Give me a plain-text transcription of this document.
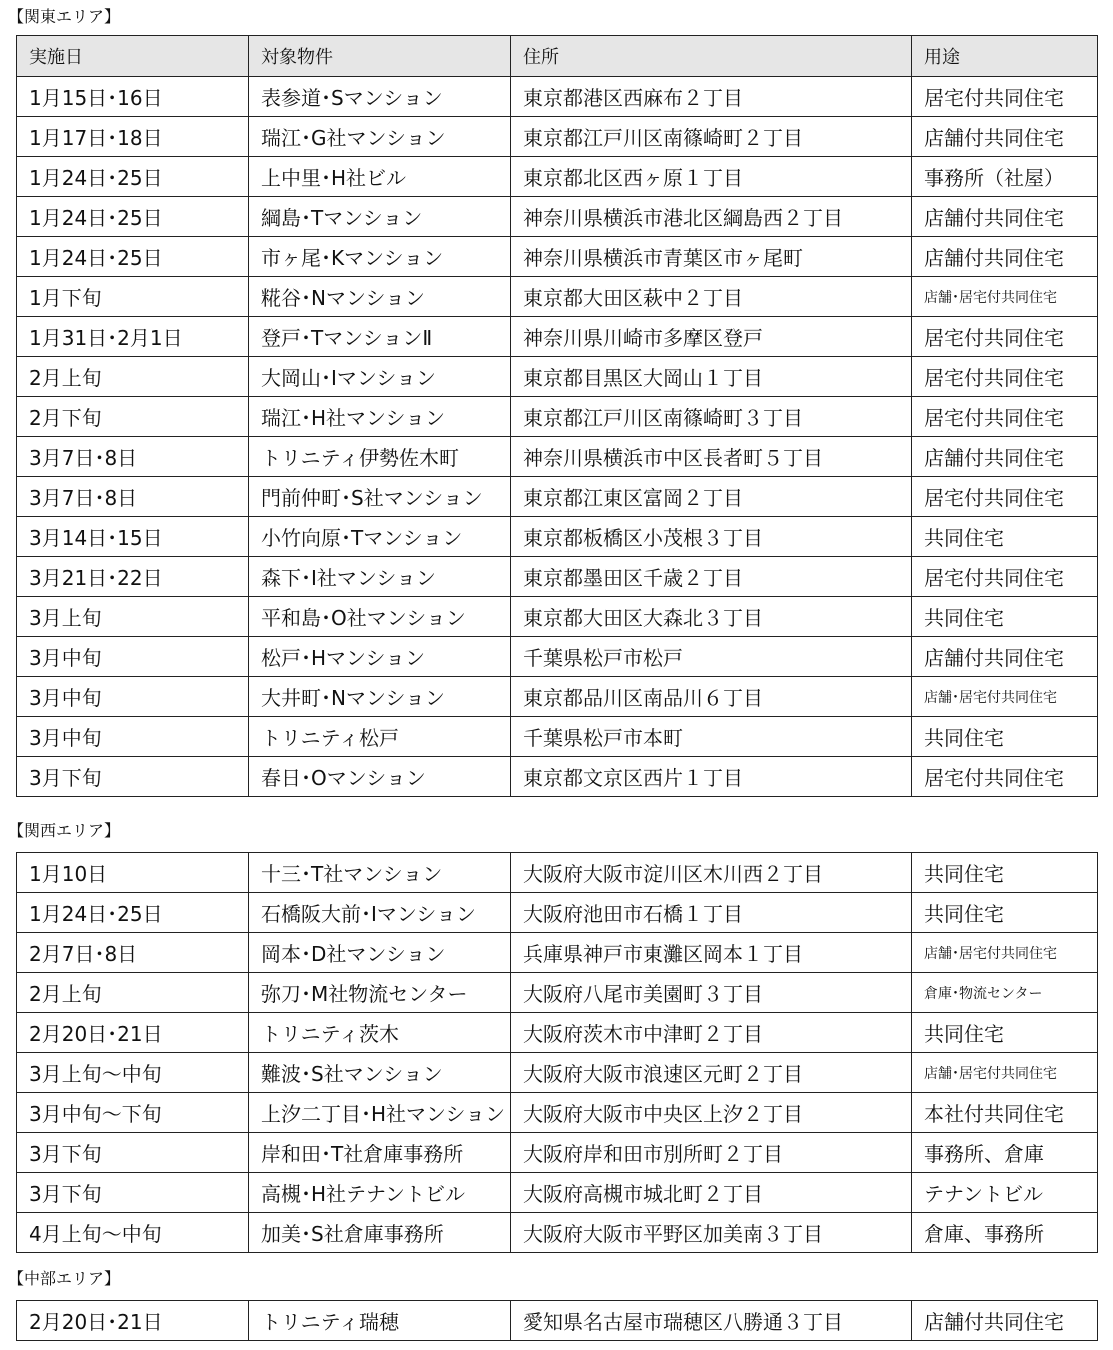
【関東エリア】
実施日	対象物件	住所	用途
1月15日･16日	表参道･Sマンション	東京都港区西麻布２丁目	居宅付共同住宅
1月17日･18日	瑞江･G社マンション	東京都江戸川区南篠崎町２丁目	店舗付共同住宅
1月24日･25日	上中里･H社ビル	東京都北区西ヶ原１丁目	事務所（社屋）
1月24日･25日	綱島･Tマンション	神奈川県横浜市港北区綱島西２丁目	店舗付共同住宅
1月24日･25日	市ヶ尾･Kマンション	神奈川県横浜市青葉区市ヶ尾町	店舗付共同住宅
1月下旬	糀谷･Nマンション	東京都大田区萩中２丁目	店舗･居宅付共同住宅
1月31日･2月1日	登戸･TマンションⅡ	神奈川県川崎市多摩区登戸	居宅付共同住宅
2月上旬	大岡山･Iマンション	東京都目黒区大岡山１丁目	居宅付共同住宅
2月下旬	瑞江･H社マンション	東京都江戸川区南篠崎町３丁目	居宅付共同住宅
3月7日･8日	トリニティ伊勢佐木町	神奈川県横浜市中区長者町５丁目	店舗付共同住宅
3月7日･8日	門前仲町･S社マンション	東京都江東区富岡２丁目	居宅付共同住宅
3月14日･15日	小竹向原･Tマンション	東京都板橋区小茂根３丁目	共同住宅
3月21日･22日	森下･I社マンション	東京都墨田区千歳２丁目	居宅付共同住宅
3月上旬	平和島･O社マンション	東京都大田区大森北３丁目	共同住宅
3月中旬	松戸･Hマンション	千葉県松戸市松戸	店舗付共同住宅
3月中旬	大井町･Nマンション	東京都品川区南品川６丁目	店舗･居宅付共同住宅
3月中旬	トリニティ松戸	千葉県松戸市本町	共同住宅
3月下旬	春日･Oマンション	東京都文京区西片１丁目	居宅付共同住宅
【関西エリア】
1月10日	十三･T社マンション	大阪府大阪市淀川区木川西２丁目	共同住宅
1月24日･25日	石橋阪大前･Iマンション	大阪府池田市石橋１丁目	共同住宅
2月7日･8日	岡本･D社マンション	兵庫県神戸市東灘区岡本１丁目	店舗･居宅付共同住宅
2月上旬	弥刀･M社物流センター	大阪府八尾市美園町３丁目	倉庫･物流センター
2月20日･21日	トリニティ茨木	大阪府茨木市中津町２丁目	共同住宅
3月上旬～中旬	難波･S社マンション	大阪府大阪市浪速区元町２丁目	店舗･居宅付共同住宅
3月中旬～下旬	上汐二丁目･H社マンション	大阪府大阪市中央区上汐２丁目	本社付共同住宅
3月下旬	岸和田･T社倉庫事務所	大阪府岸和田市別所町２丁目	事務所、倉庫
3月下旬	高槻･H社テナントビル	大阪府高槻市城北町２丁目	テナントビル
4月上旬～中旬	加美･S社倉庫事務所	大阪府大阪市平野区加美南３丁目	倉庫、事務所
【中部エリア】
2月20日･21日	トリニティ瑞穂	愛知県名古屋市瑞穂区八勝通３丁目	店舗付共同住宅
